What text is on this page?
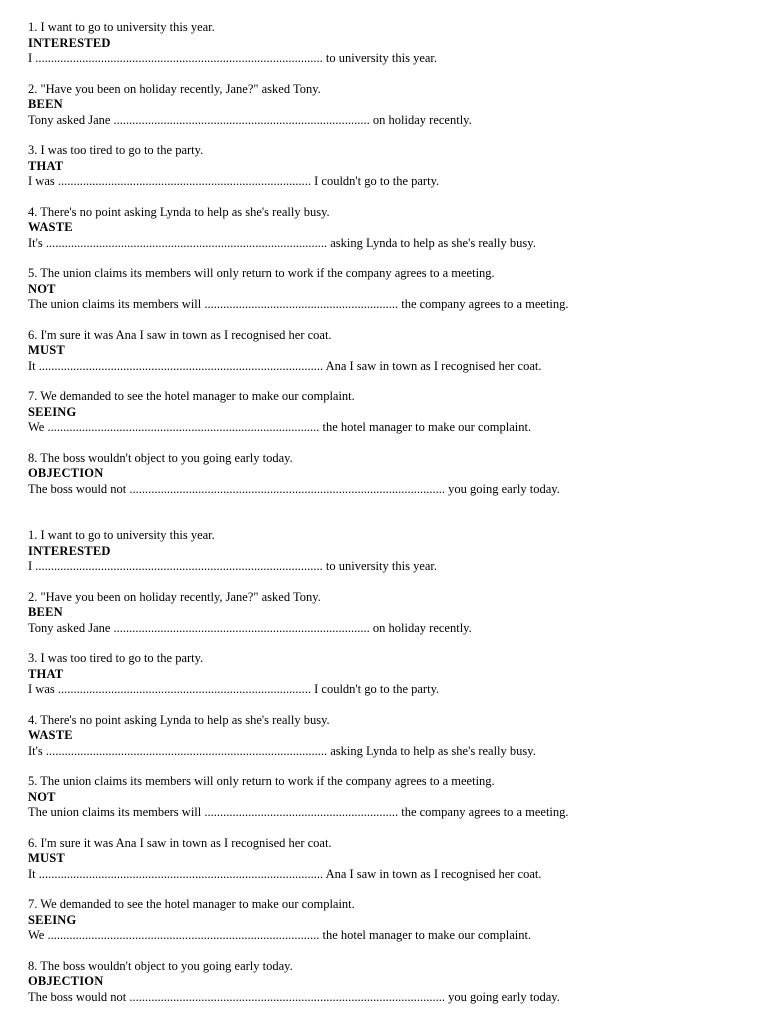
1. I want to go to university this year.
INTERESTED
I ............................................................................................ to university this year.
2. "Have you been on holiday recently, Jane?" asked Tony.
BEEN
Tony asked Jane .................................................................................. on holiday recently.
3. I was too tired to go to the party.
THAT
I was ................................................................................. I couldn't go to the party.
4. There's no point asking Lynda to help as she's really busy.
WASTE
It's .......................................................................................... asking Lynda to help as she's really busy.
5. The union claims its members will only return to work if the company agrees to a meeting.
NOT
The union claims its members will .............................................................. the company agrees to a meeting.
6. I'm sure it was Ana I saw in town as I recognised her coat.
MUST
It ........................................................................................... Ana I saw in town as I recognised her coat.
7. We demanded to see the hotel manager to make our complaint.
SEEING
We ....................................................................................... the hotel manager to make our complaint.
8. The boss wouldn't object to you going early today.
OBJECTION
The boss would not ..................................................................................................... you going early today.
1. I want to go to university this year.
INTERESTED
I ............................................................................................ to university this year.
2. "Have you been on holiday recently, Jane?" asked Tony.
BEEN
Tony asked Jane .................................................................................. on holiday recently.
3. I was too tired to go to the party.
THAT
I was ................................................................................. I couldn't go to the party.
4. There's no point asking Lynda to help as she's really busy.
WASTE
It's .......................................................................................... asking Lynda to help as she's really busy.
5. The union claims its members will only return to work if the company agrees to a meeting.
NOT
The union claims its members will .............................................................. the company agrees to a meeting.
6. I'm sure it was Ana I saw in town as I recognised her coat.
MUST
It ........................................................................................... Ana I saw in town as I recognised her coat.
7. We demanded to see the hotel manager to make our complaint.
SEEING
We ....................................................................................... the hotel manager to make our complaint.
8. The boss wouldn't object to you going early today.
OBJECTION
The boss would not ..................................................................................................... you going early today.
